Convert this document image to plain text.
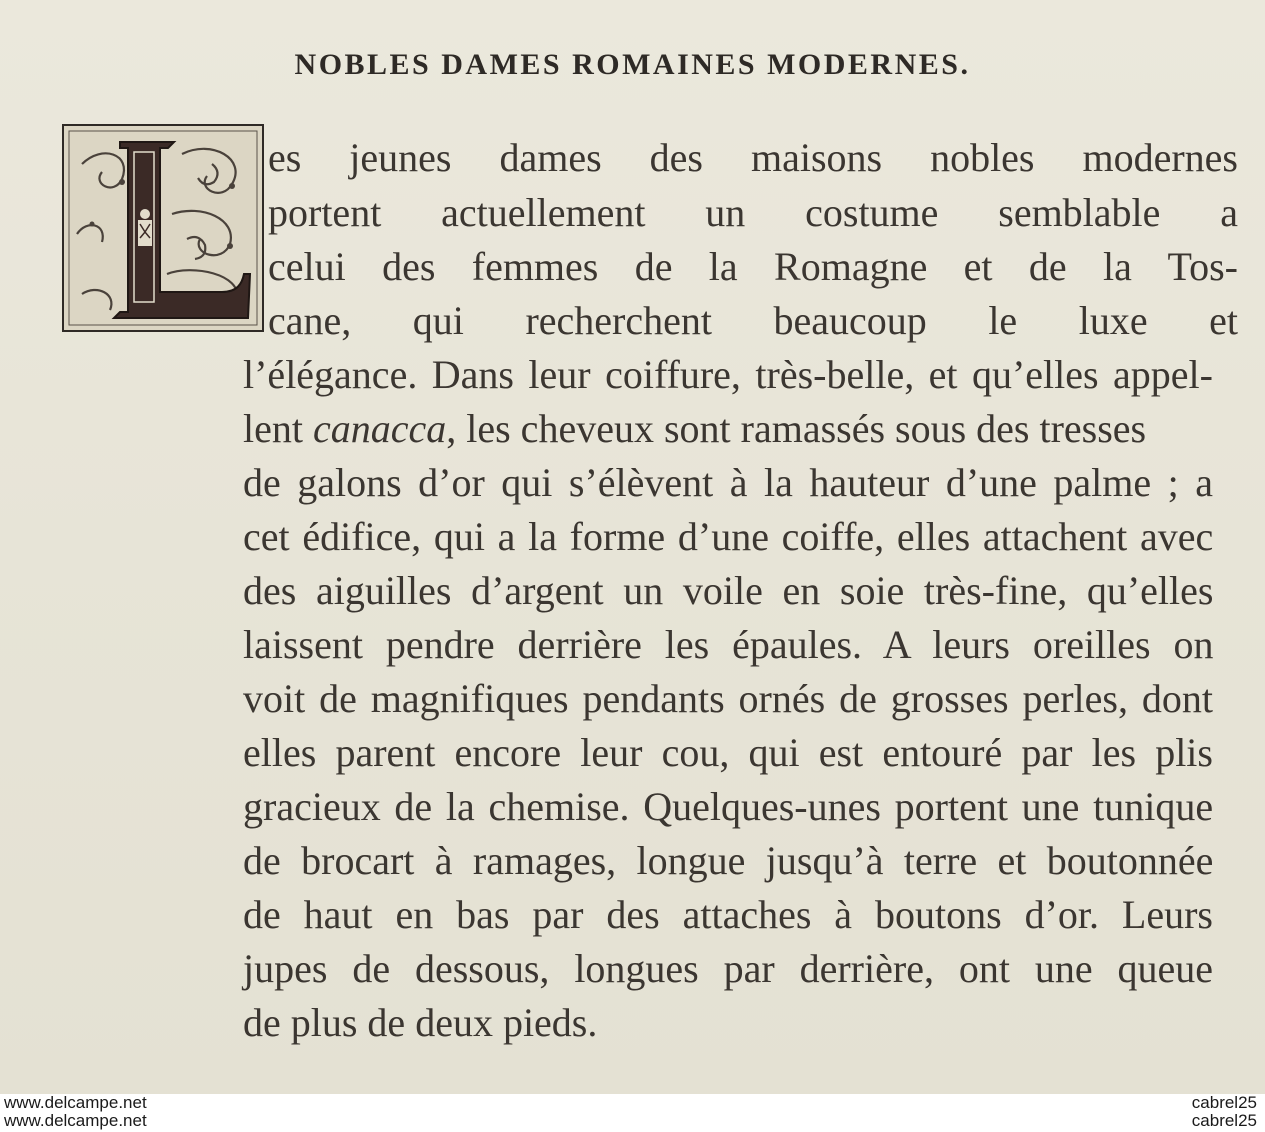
NOBLES DAMES ROMAINES MODERNES.
es jeunes dames des maisons nobles modernes
portent actuellement un costume semblable a
celui des femmes de la Romagne et de la Tos-
cane, qui recherchent beaucoup le luxe et
l’élégance. Dans leur coiffure, très-belle, et qu’elles appel-
lent canacca, les cheveux sont ramassés sous des tresses
de galons d’or qui s’élèvent à la hauteur d’une palme ; a
cet édifice, qui a la forme d’une coiffe, elles attachent avec
des aiguilles d’argent un voile en soie très-fine, qu’elles
laissent pendre derrière les épaules. A leurs oreilles on
voit de magnifiques pendants ornés de grosses perles, dont
elles parent encore leur cou, qui est entouré par les plis
gracieux de la chemise. Quelques-unes portent une tunique
de brocart à ramages, longue jusqu’à terre et boutonnée
de haut en bas par des attaches à boutons d’or. Leurs
jupes de dessous, longues par derrière, ont une queue
de plus de deux pieds.
www.delcampe.net
www.delcampe.net
cabrel25
cabrel25
